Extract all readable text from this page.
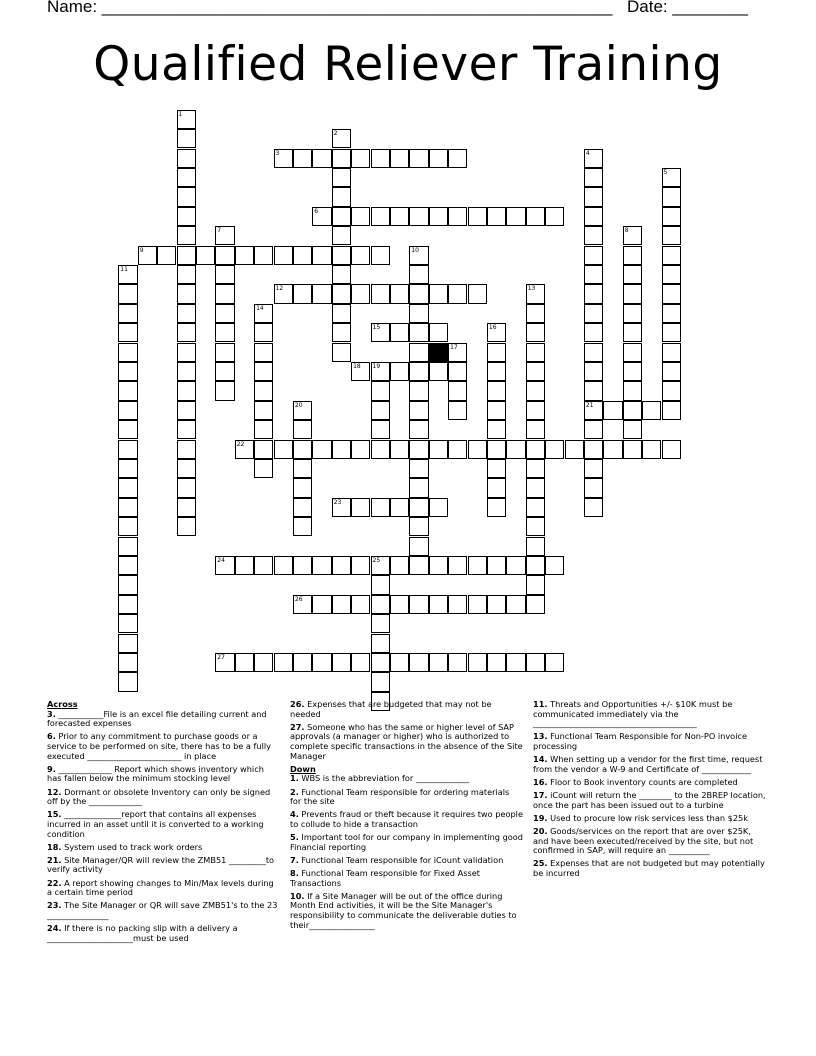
Name: ______________________________________________________ Date: ________
Qualified Reliever Training
3
6
9
12
15
18 19
21
22
23
24	25
26
27
1
2
4
5
7	8
10
11
13
14
16
17
20
Across
3. ___________File is an excel file detailing current and forecasted expenses
6. Prior to any commitment to purchase goods or a service to be performed on site, there has to be a fully executed _______________________ in place
9. _____________ Report which shows inventory which has fallen below the minimum stocking level
12. Dormant or obsolete Inventory can only be signed off by the _____________
15. ______________report that contains all expenses incurred in an asset until it is converted to a working condition
18. System used to track work orders
21. Site Manager/QR will review the ZMB51 _________to verify activity
22. A report showing changes to Min/Max levels during a certain time period
23. The Site Manager or QR will save ZMB51's to the 23 _______________
24. If there is no packing slip with a delivery a _____________________must be used
26. Expenses that are budgeted that may not be needed
27. Someone who has the same or higher level of SAP approvals (a manager or higher) who is authorized to complete specific transactions in the absence of the Site Manager
Down
1. WBS is the abbreviation for _____________
2. Functional Team responsible for ordering materials for the site
4. Prevents fraud or theft because it requires two people to collude to hide a transaction
5. Important tool for our company in implementing good Financial reporting
7. Functional Team responsible for iCount validation
8. Functional Team responsible for Fixed Asset Transactions
10. If a Site Manager will be out of the office during Month End activities, it will be the Site Manager's responsibility to communicate the deliverable duties to their________________
11. Threats and Opportunities +/- $10K must be communicated immediately via the ________________________________________
13. Functional Team Responsible for Non-PO invoice processing
14. When setting up a vendor for the first time, request from the vendor a W-9 and Certificate of ____________
16. Floor to Book inventory counts are completed
17. iCount will return the ________ to the 2BREP location, once the part has been issued out to a turbine
19. Used to procure low risk services less than $25k
20. Goods/services on the report that are over $25K, and have been executed/received by the site, but not confirmed in SAP, will require an __________
25. Expenses that are not budgeted but may potentially be incurred
